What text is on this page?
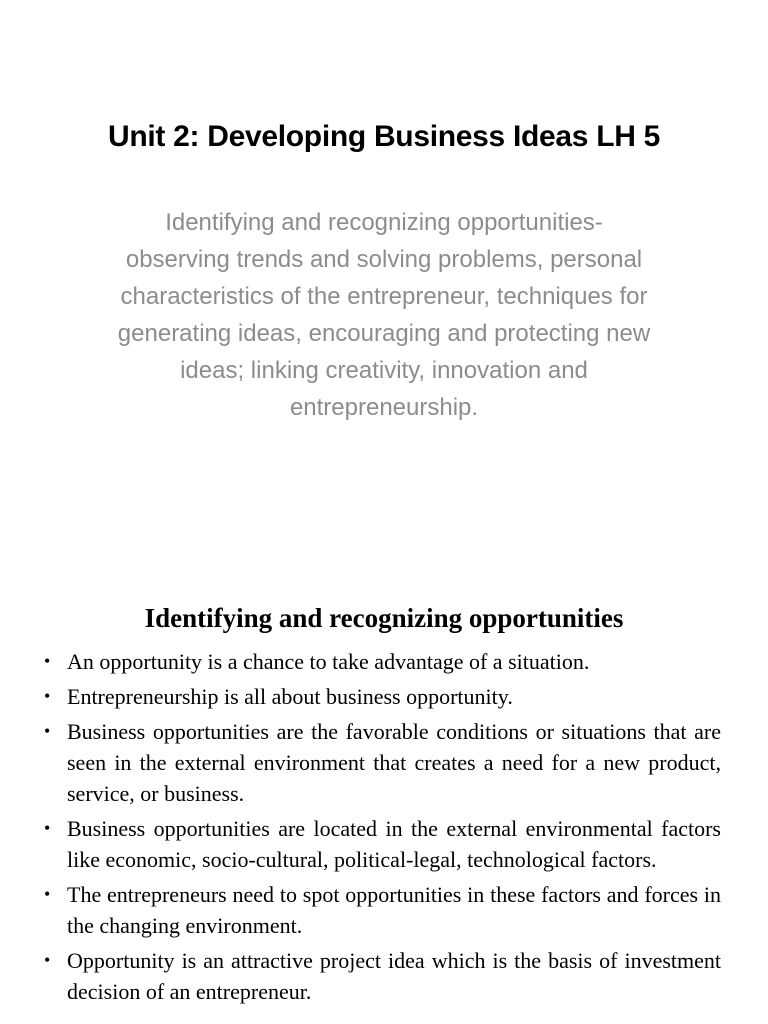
Unit 2: Developing Business Ideas LH 5

Identifying and recognizing opportunities- observing trends and solving problems, personal characteristics of the entrepreneur, techniques for generating ideas, encouraging and protecting new ideas; linking creativity, innovation and entrepreneurship.

Identifying and recognizing opportunities
• An opportunity is a chance to take advantage of a situation.
• Entrepreneurship is all about business opportunity.
• Business opportunities are the favorable conditions or situations that are seen in the external environment that creates a need for a new product, service, or business.
• Business opportunities are located in the external environmental factors like economic, socio-cultural, political-legal, technological factors.
• The entrepreneurs need to spot opportunities in these factors and forces in the changing environment.
• Opportunity is an attractive project idea which is the basis of investment decision of an entrepreneur.
